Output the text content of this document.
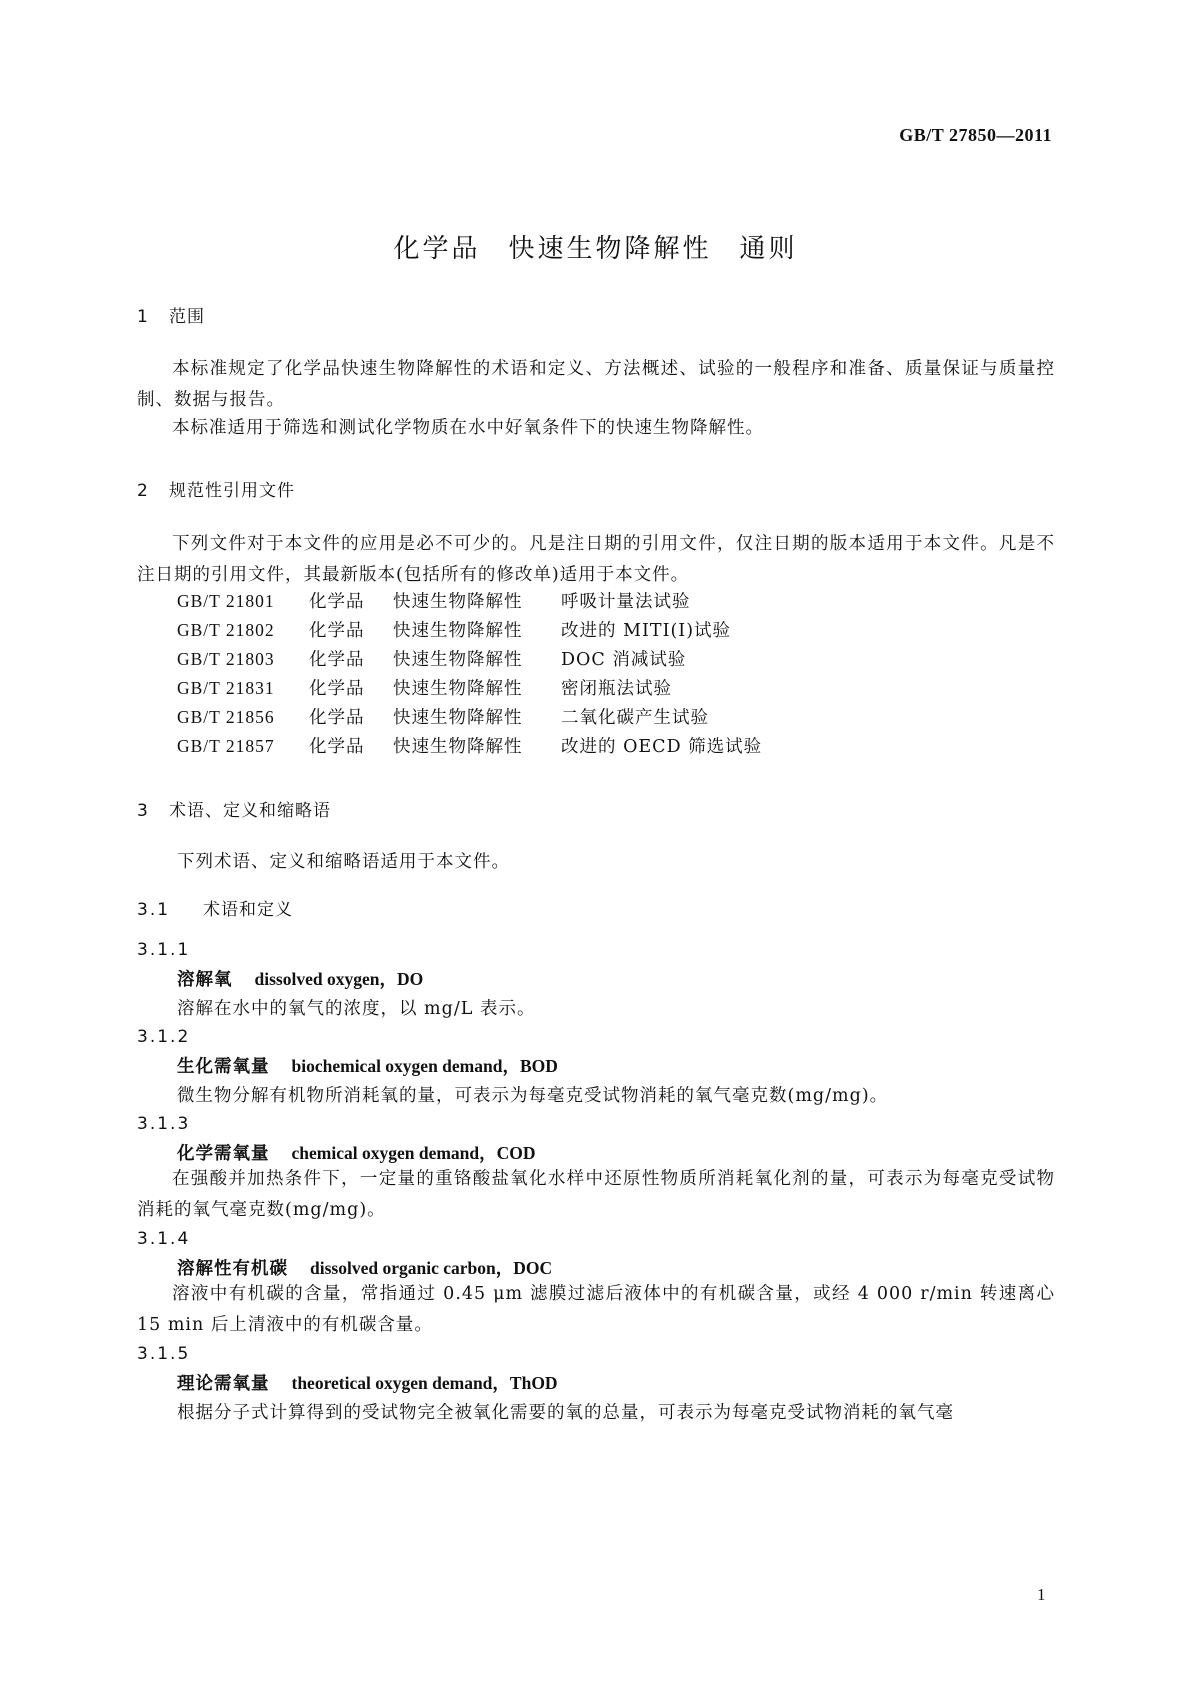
GB/T 27850—2011
化学品 快速生物降解性 通则
1 范围
本标准规定了化学品快速生物降解性的术语和定义、方法概述、试验的一般程序和准备、质量保证与质量控制、数据与报告。
本标准适用于筛选和测试化学物质在水中好氧条件下的快速生物降解性。
2 规范性引用文件
下列文件对于本文件的应用是必不可少的。凡是注日期的引用文件，仅注日期的版本适用于本文件。凡是不注日期的引用文件，其最新版本(包括所有的修改单)适用于本文件。
GB/T 21801 化学品 快速生物降解性 呼吸计量法试验
GB/T 21802 化学品 快速生物降解性 改进的 MITI(Ⅰ)试验
GB/T 21803 化学品 快速生物降解性 DOC 消减试验
GB/T 21831 化学品 快速生物降解性 密闭瓶法试验
GB/T 21856 化学品 快速生物降解性 二氧化碳产生试验
GB/T 21857 化学品 快速生物降解性 改进的 OECD 筛选试验
3 术语、定义和缩略语
下列术语、定义和缩略语适用于本文件。
3.1 术语和定义
3.1.1
溶解氧 dissolved oxygen，DO
溶解在水中的氧气的浓度，以 mg/L 表示。
3.1.2
生化需氧量 biochemical oxygen demand，BOD
微生物分解有机物所消耗氧的量，可表示为每毫克受试物消耗的氧气毫克数(mg/mg)。
3.1.3
化学需氧量 chemical oxygen demand，COD
在强酸并加热条件下，一定量的重铬酸盐氧化水样中还原性物质所消耗氧化剂的量，可表示为每毫克受试物消耗的氧气毫克数(mg/mg)。
3.1.4
溶解性有机碳 dissolved organic carbon，DOC
溶液中有机碳的含量，常指通过 0.45 μm 滤膜过滤后液体中的有机碳含量，或经 4 000 r/min 转速离心 15 min 后上清液中的有机碳含量。
3.1.5
理论需氧量 theoretical oxygen demand，ThOD
根据分子式计算得到的受试物完全被氧化需要的氧的总量，可表示为每毫克受试物消耗的氧气毫
1
